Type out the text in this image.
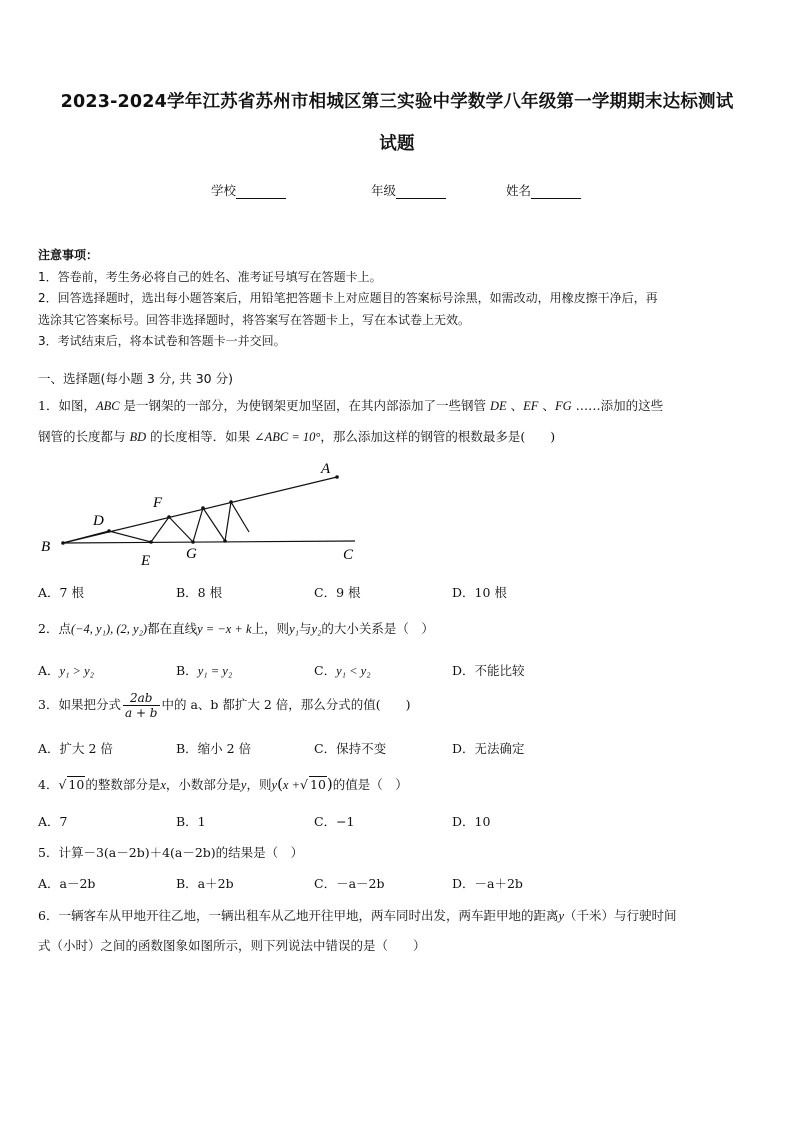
2023-2024学年江苏省苏州市相城区第三实验中学数学八年级第一学期期末达标测试
试题
学校	年级	姓名
注意事项：
1．答卷前，考生务必将自己的姓名、准考证号填写在答题卡上。
2．回答选择题时，选出每小题答案后，用铅笔把答题卡上对应题目的答案标号涂黑，如需改动，用橡皮擦干净后，再
选涂其它答案标号。回答非选择题时，将答案写在答题卡上，写在本试卷上无效。
3．考试结束后，将本试卷和答题卡一并交回。
一、选择题(每小题 3 分, 共 30 分)
1．如图，ABC 是一钢架的一部分，为使钢架更加坚固，在其内部添加了一些钢管 DE 、EF 、FG ……添加的这些
钢管的长度都与 BD 的长度相等．如果 ∠ABC = 10°，那么添加这样的钢管的根数最多是(　　)
A
B	C
D
E
F
G
A．7 根	B．8 根	C．9 根	D．10 根
2．点(−4, y₁), (2, y₂)都在直线y = −x + k上，则y₁与y₂的大小关系是（　）
A．y₁ > y₂	B．y₁ = y₂	C．y₁ < y₂	D．不能比较
3．如果把分式 $\frac{2ab}{a + b}$ 中的 a、b 都扩大 2 倍，那么分式的值(　　)
A．扩大 2 倍	B．缩小 2 倍	C．保持不变	D．无法确定
4．√ 10的整数部分是x，小数部分是y，则y(x +√ 10)的值是（　）
A．7	B．1	C．−1	D．10
5．计算－3(a－2b)＋4(a－2b)的结果是（　）
A．a－2b	B．a＋2b	C．－a－2b	D．－a＋2b
6．一辆客车从甲地开往乙地，一辆出租车从乙地开往甲地，两车同时出发，两车距甲地的距离y（千米）与行驶时间
式（小时）之间的函数图象如图所示，则下列说法中错误的是（　　）
